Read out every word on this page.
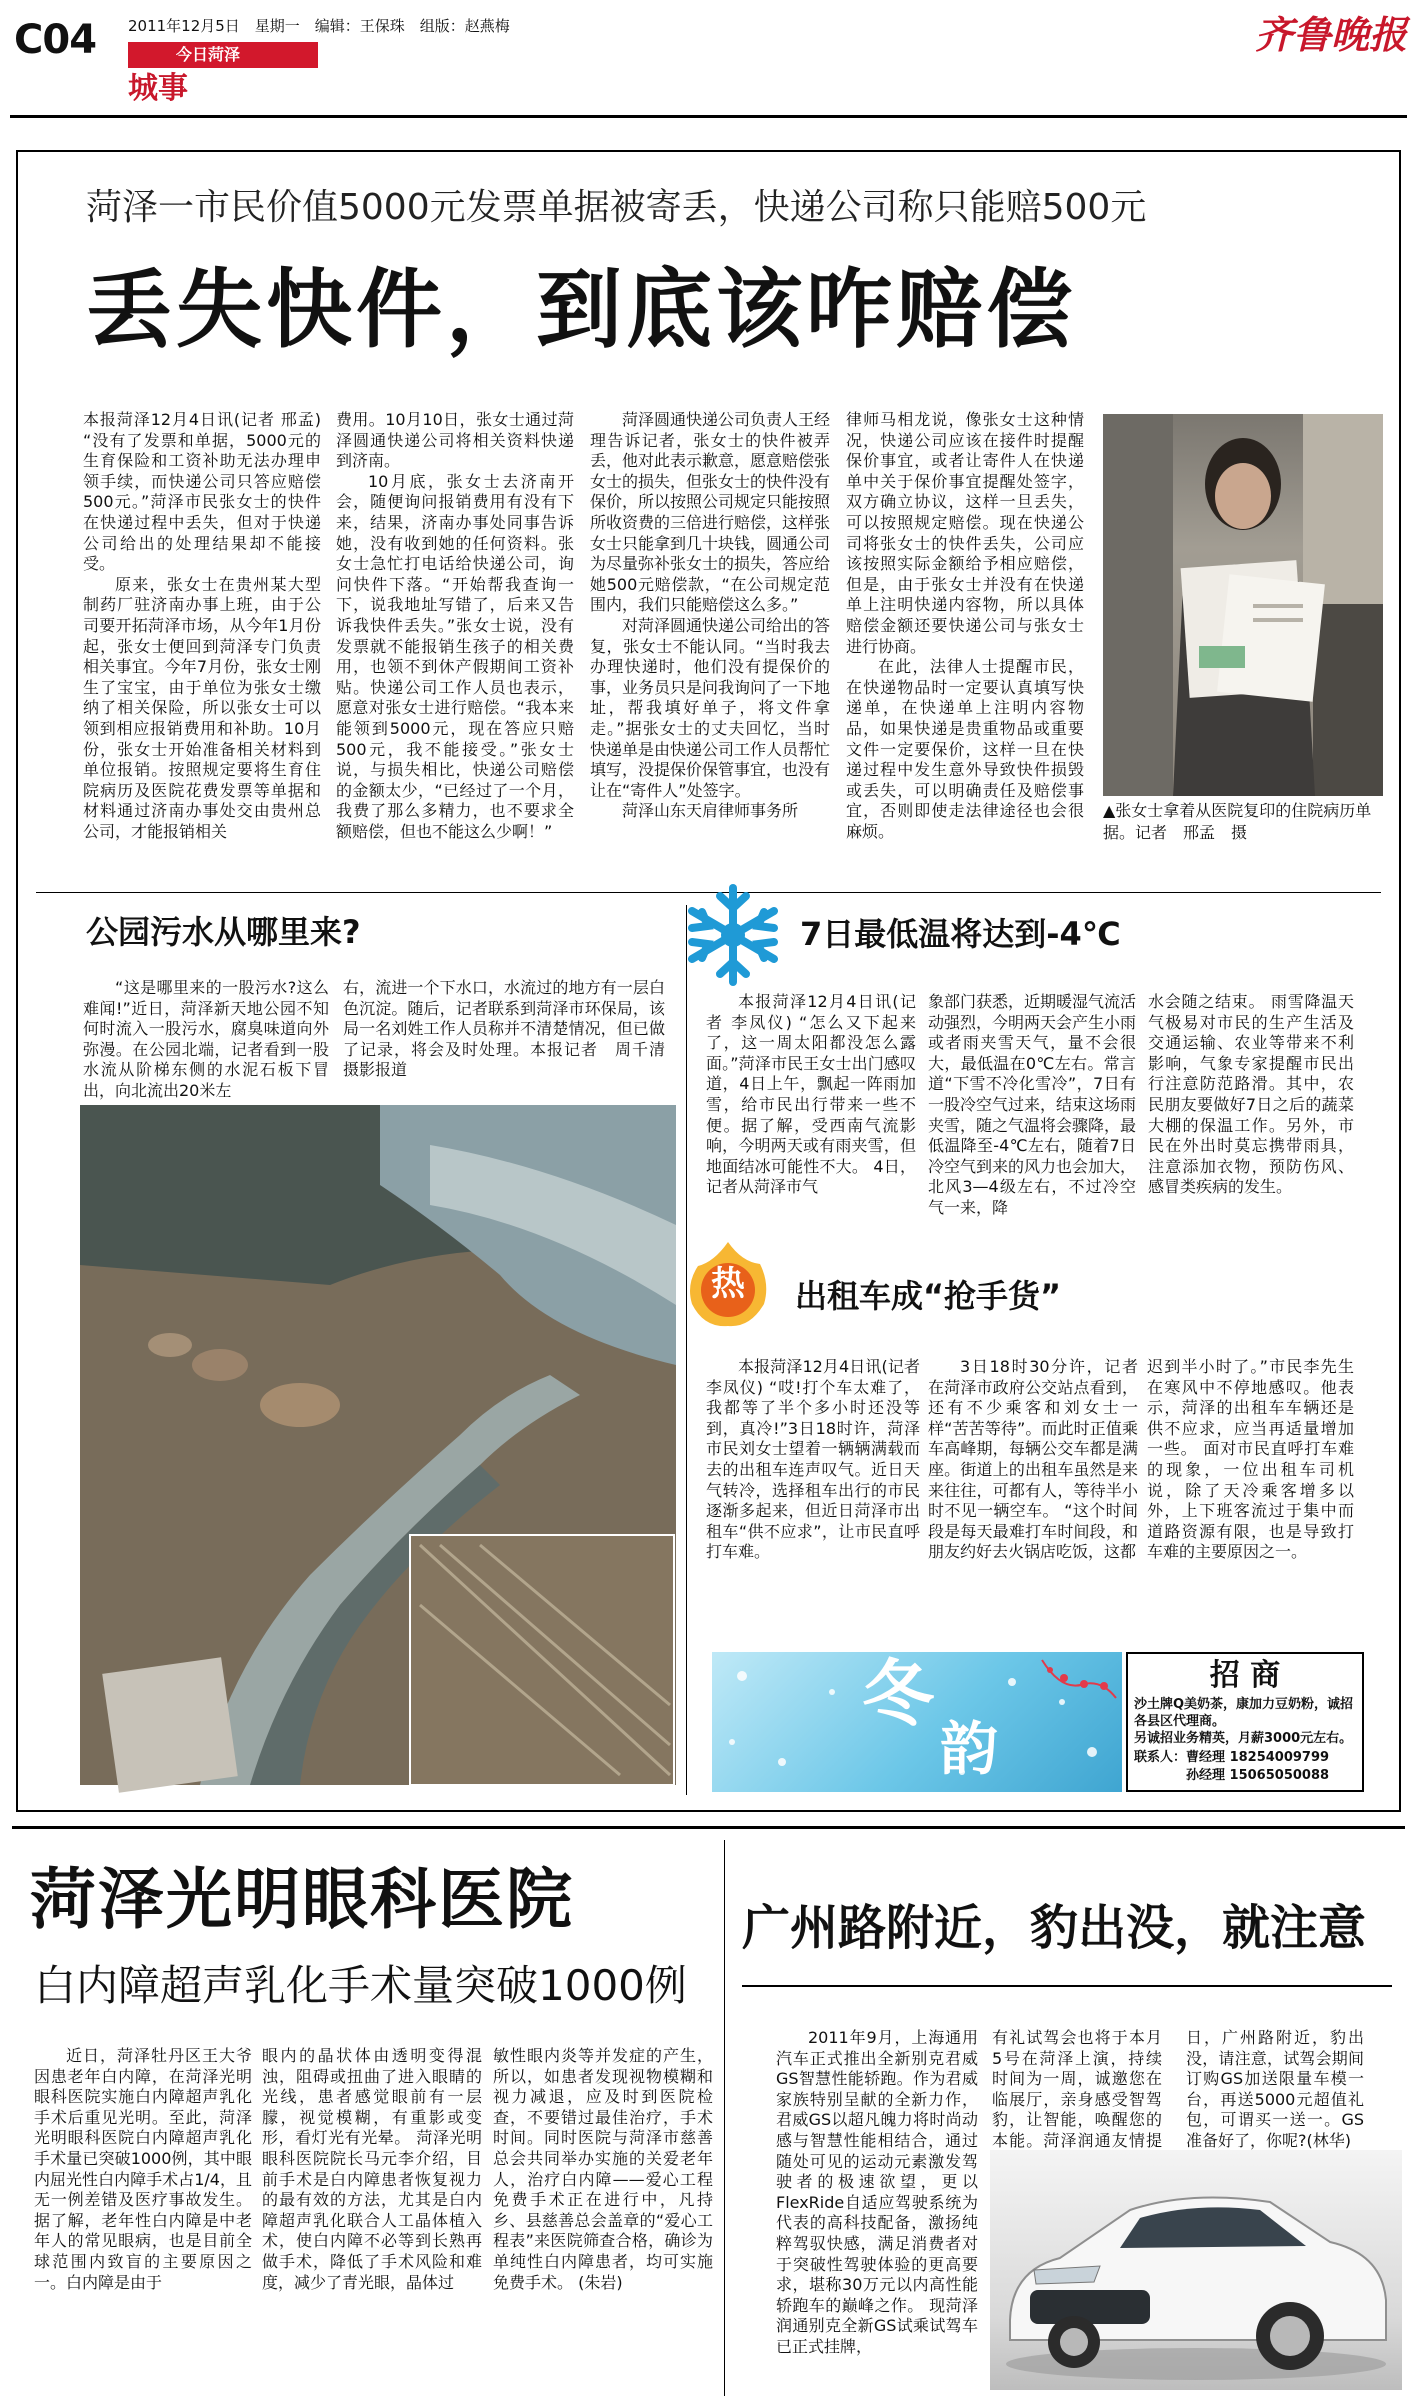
C04 2011年12月5日　星期一　编辑：王保珠　组版：赵燕梅
今日菏泽
城事
齐鲁晚报
菏泽一市民价值5000元发票单据被寄丢，快递公司称只能赔500元
丢失快件，到底该咋赔偿

本报菏泽12月4日讯(记者 邢孟) “没有了发票和单据，5000元的生育保险和工资补助无法办理申领手续，而快递公司只答应赔偿500元。”菏泽市民张女士的快件在快递过程中丢失，但对于快递公司给出的处理结果却不能接受。

原来，张女士在贵州某大型制药厂驻济南办事上班，由于公司要开拓菏泽市场，从今年1月份起，张女士便回到菏泽专门负责相关事宜。今年7月份，张女士刚生了宝宝，由于单位为张女士缴纳了相关保险，所以张女士可以领到相应报销费用和补助。10月份，张女士开始准备相关材料到单位报销。按照规定要将生育住院病历及医院花费发票等单据和材料通过济南办事处交由贵州总公司，才能报销相关

费用。10月10日，张女士通过菏泽圆通快递公司将相关资料快递到济南。

10月底，张女士去济南开会，随便询问报销费用有没有下来，结果，济南办事处同事告诉她，没有收到她的任何资料。张女士急忙打电话给快递公司，询问快件下落。“开始帮我查询一下，说我地址写错了，后来又告诉我快件丢失。”张女士说，没有发票就不能报销生孩子的相关费用，也领不到休产假期间工资补贴。快递公司工作人员也表示，愿意对张女士进行赔偿。“我本来能领到5000元，现在答应只赔500元，我不能接受。”张女士说，与损失相比，快递公司赔偿的金额太少，“已经过了一个月，我费了那么多精力，也不要求全额赔偿，但也不能这么少啊！”

菏泽圆通快递公司负责人王经理告诉记者，张女士的快件被弄丢，他对此表示歉意，愿意赔偿张女士的损失，但张女士的快件没有保价，所以按照公司规定只能按照所收资费的三倍进行赔偿，这样张女士只能拿到几十块钱，圆通公司为尽量弥补张女士的损失，答应给她500元赔偿款，“在公司规定范围内，我们只能赔偿这么多。”

对菏泽圆通快递公司给出的答复，张女士不能认同。“当时我去办理快递时，他们没有提保价的事，业务员只是问我询问了一下地址，帮我填好单子，将文件拿走。”据张女士的丈夫回忆，当时快递单是由快递公司工作人员帮忙填写，没提保价保管事宜，也没有让在“寄件人”处签字。

菏泽山东天肩律师事务所

律师马相龙说，像张女士这种情况，快递公司应该在接件时提醒保价事宜，或者让寄件人在快递单中关于保价事宜提醒处签字，双方确立协议，这样一旦丢失，可以按照规定赔偿。现在快递公司将张女士的快件丢失，公司应该按照实际金额给予相应赔偿，但是，由于张女士并没有在快递单上注明快递内容物，所以具体赔偿金额还要快递公司与张女士进行协商。

在此，法律人士提醒市民，在快递物品时一定要认真填写快递单，在快递单上注明内容物品，如果快递是贵重物品或重要文件一定要保价，这样一旦在快递过程中发生意外导致快件损毁或丢失，可以明确责任及赔偿事宜，否则即使走法律途径也会很麻烦。

▲张女士拿着从医院复印的住院病历单据。记者　邢孟　摄
公园污水从哪里来?

“这是哪里来的一股污水?这么难闻!”近日，菏泽新天地公园不知何时流入一股污水，腐臭味道向外弥漫。在公园北端，记者看到一股水流从阶梯东侧的水泥石板下冒出，向北流出20米左

右，流进一个下水口，水流过的地方有一层白色沉淀。随后，记者联系到菏泽市环保局，该局一名刘姓工作人员称并不清楚情况，但已做了记录，将会及时处理。本报记者　周千清　摄影报道

7日最低温将达到-4℃

本报菏泽12月4日讯(记者 李凤仪) “怎么又下起来了，这一周太阳都没怎么露面。”菏泽市民王女士出门感叹道，4日上午，飘起一阵雨加雪，给市民出行带来一些不便。据了解，受西南气流影响，今明两天或有雨夹雪，但地面结冰可能性不大。 4日，记者从菏泽市气

象部门获悉，近期暖湿气流活动强烈，今明两天会产生小雨或者雨夹雪天气，量不会很大，最低温在0℃左右。常言道“下雪不冷化雪冷”，7日有一股冷空气过来，结束这场雨夹雪，随之气温将会骤降，最低温降至-4℃左右，随着7日冷空气到来的风力也会加大，北风3—4级左右，不过冷空气一来，降

水会随之结束。 雨雪降温天气极易对市民的生产生活及交通运输、农业等带来不利影响，气象专家提醒市民出行注意防范路滑。其中，农民朋友要做好7日之后的蔬菜大棚的保温工作。另外，市民在外出时莫忘携带雨具，注意添加衣物，预防伤风、感冒类疾病的发生。

热	出租车成“抢手货”

本报菏泽12月4日讯(记者 李凤仪) “哎!打个车太难了，我都等了半个多小时还没等到，真冷!”3日18时许，菏泽市民刘女士望着一辆辆满载而去的出租车连声叹气。近日天气转冷，选择租车出行的市民逐渐多起来，但近日菏泽市出租车“供不应求”，让市民直呼打车难。

3日18时30分许，记者在菏泽市政府公交站点看到，还有不少乘客和刘女士一样“苦苦等待”。而此时正值乘车高峰期，每辆公交车都是满座。街道上的出租车虽然是来来往往，可都有人，等待半小时不见一辆空车。 “这个时间段是每天最难打车时间段，和朋友约好去火锅店吃饭，这都

迟到半小时了。”市民李先生在寒风中不停地感叹。他表示，菏泽的出租车车辆还是供不应求，应当再适量增加一些。 面对市民直呼打车难的现象，一位出租车司机说，除了天冷乘客增多以外，上下班客流过于集中而道路资源有限，也是导致打车难的主要原因之一。

冬
韵
招 商
沙土牌Q美奶茶，康加力豆奶粉，诚招各县区代理商。
另诚招业务精英，月薪3000元左右。
联系人：曹经理 18254009799
孙经理 15065050088
菏泽光明眼科医院
白内障超声乳化手术量突破1000例

近日，菏泽牡丹区王大爷因患老年白内障，在菏泽光明眼科医院实施白内障超声乳化手术后重见光明。至此，菏泽光明眼科医院白内障超声乳化手术量已突破1000例，其中眼内屈光性白内障手术占1/4，且无一例差错及医疗事故发生。 据了解，老年性白内障是中老年人的常见眼病，也是目前全球范围内致盲的主要原因之一。白内障是由于

眼内的晶状体由透明变得混浊，阻碍或扭曲了进入眼睛的光线，患者感觉眼前有一层朦，视觉模糊，有重影或变形，看灯光有光晕。 菏泽光明眼科医院院长马元李介绍，目前手术是白内障患者恢复视力的最有效的方法，尤其是白内障超声乳化联合人工晶体植入术，使白内障不必等到长熟再做手术，降低了手术风险和难度，减少了青光眼，晶体过

敏性眼内炎等并发症的产生，所以，如患者发现视物模糊和视力减退，应及时到医院检查，不要错过最佳治疗，手术时间。同时医院与菏泽市慈善总会共同举办实施的关爱老年人，治疗白内障——爱心工程免费手术正在进行中，凡持乡、县慈善总会盖章的“爱心工程表”来医院筛查合格，确诊为单纯性白内障患者，均可实施免费手术。 (朱岩)

广州路附近，豹出没，就注意

2011年9月，上海通用汽车正式推出全新别克君威GS智慧性能轿跑。作为君威家族特别呈献的全新力作，君威GS以超凡魄力将时尚动感与智慧性能相结合，通过随处可见的运动元素激发驾驶者的极速欲望，更以FlexRide自适应驾驶系统为代表的高科技配备，激扬纯粹驾驭快感，满足消费者对于突破性驾驶体验的更高要求，堪称30万元以内高性能轿跑车的巅峰之作。 现菏泽润通别克全新GS试乘试驾车已正式挂牌，

有礼试驾会也将于本月5号在菏泽上演，持续时间为一周，诚邀您在临展厅，亲身感受智驾豹，让智能，唤醒您的本能。菏泽润通友情提

日，广州路附近，豹出没，请注意，试驾会期间订购GS加送限量车模一台，再送5000元超值礼包，可谓买一送一。GS准备好了，你呢?(林华)
